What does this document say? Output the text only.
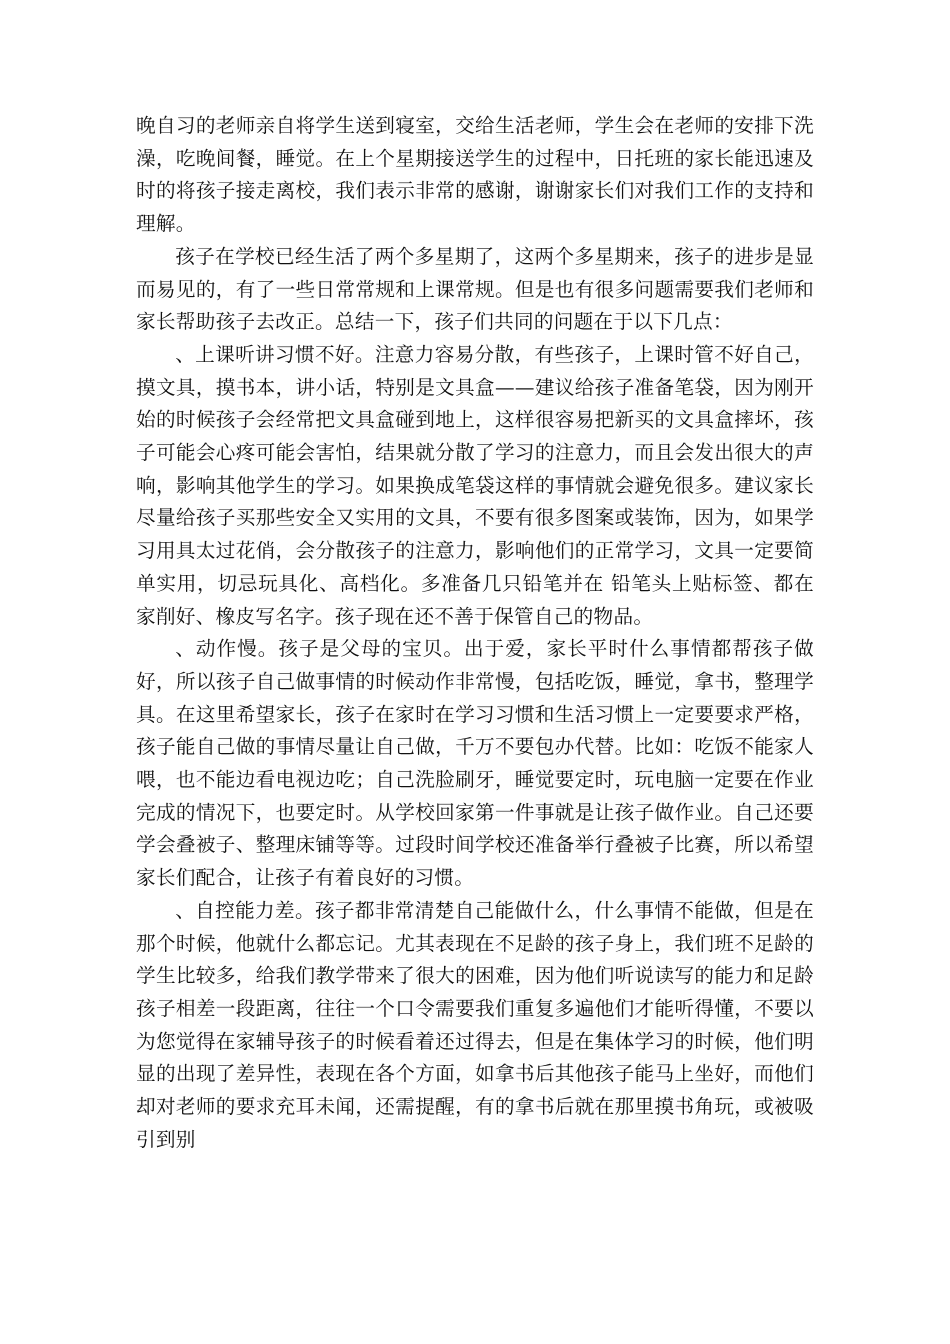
晚自习的老师亲自将学生送到寝室，交给生活老师，学生会在老师的安排下洗澡，吃晚间餐，睡觉。在上个星期接送学生的过程中，日托班的家长能迅速及时的将孩子接走离校，我们表示非常的感谢，谢谢家长们对我们工作的支持和理解。

孩子在学校已经生活了两个多星期了，这两个多星期来，孩子的进步是显而易见的，有了一些日常常规和上课常规。但是也有很多问题需要我们老师和家长帮助孩子去改正。总结一下，孩子们共同的问题在于以下几点：

、上课听讲习惯不好。注意力容易分散，有些孩子，上课时管不好自己，摸文具，摸书本，讲小话，特别是文具盒——建议给孩子准备笔袋，因为刚开始的时候孩子会经常把文具盒碰到地上，这样很容易把新买的文具盒摔坏，孩子可能会心疼可能会害怕，结果就分散了学习的注意力，而且会发出很大的声响，影响其他学生的学习。如果换成笔袋这样的事情就会避免很多。建议家长尽量给孩子买那些安全又实用的文具，不要有很多图案或装饰，因为，如果学习用具太过花俏，会分散孩子的注意力，影响他们的正常学习，文具一定要简单实用，切忌玩具化、高档化。多准备几只铅笔并在 铅笔头上贴标签、都在家削好、橡皮写名字。孩子现在还不善于保管自己的物品。

、动作慢。孩子是父母的宝贝。出于爱，家长平时什么事情都帮孩子做好，所以孩子自己做事情的时候动作非常慢，包括吃饭，睡觉，拿书，整理学具。在这里希望家长，孩子在家时在学习习惯和生活习惯上一定要要求严格，孩子能自己做的事情尽量让自己做，千万不要包办代替。比如：吃饭不能家人喂，也不能边看电视边吃；自己洗脸刷牙，睡觉要定时，玩电脑一定要在作业完成的情况下，也要定时。从学校回家第一件事就是让孩子做作业。自己还要学会叠被子、整理床铺等等。过段时间学校还准备举行叠被子比赛，所以希望家长们配合，让孩子有着良好的习惯。

、自控能力差。孩子都非常清楚自己能做什么，什么事情不能做，但是在那个时候，他就什么都忘记。尤其表现在不足龄的孩子身上，我们班不足龄的学生比较多，给我们教学带来了很大的困难，因为他们听说读写的能力和足龄孩子相差一段距离，往往一个口令需要我们重复多遍他们才能听得懂，不要以为您觉得在家辅导孩子的时候看着还过得去，但是在集体学习的时候，他们明显的出现了差异性，表现在各个方面，如拿书后其他孩子能马上坐好，而他们却对老师的要求充耳未闻，还需提醒，有的拿书后就在那里摸书角玩，或被吸引到别
